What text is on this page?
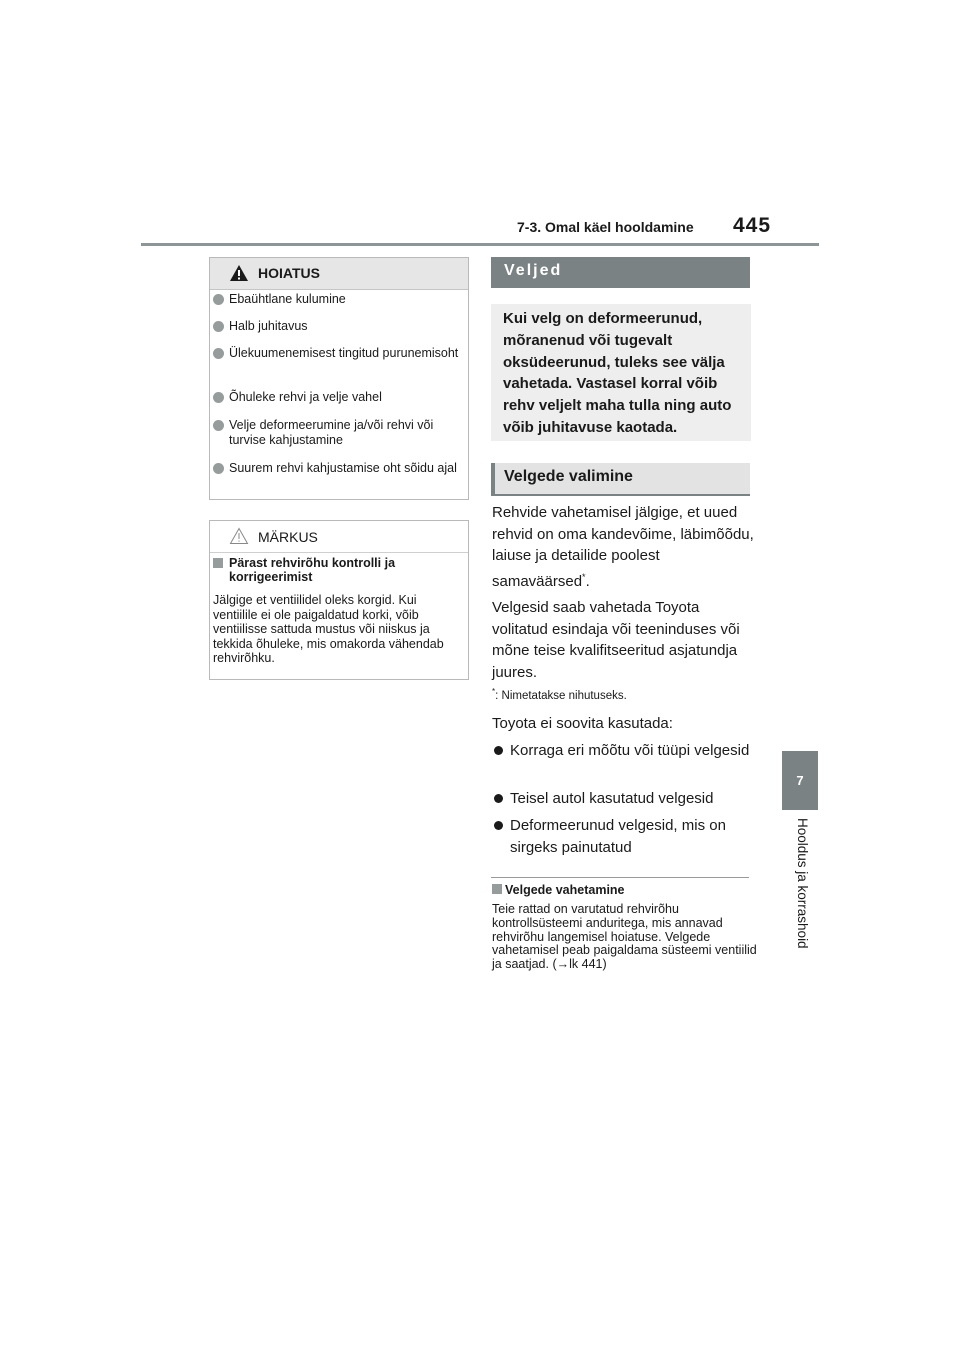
7-3. Omal käel hooldamine 445
7
Hooldus ja korrashoid
HOIATUS
Ebaühtlane kulumine
Halb juhitavus
Ülekuumenemisest tingitud purunemisoht
Õhuleke rehvi ja velje vahel
Velje deformeerumine ja/või rehvi või turvise kahjustamine
Suurem rehvi kahjustamise oht sõidu ajal
MÄRKUS
Pärast rehvirõhu kontrolli ja korrigeerimist
Jälgige et ventiilidel oleks korgid. Kui ventiilile ei ole paigaldatud korki, võib ventiilisse sattuda mustus või niiskus ja tekkida õhuleke, mis omakorda vähendab rehvirõhku.
Veljed

Kui velg on deformeerunud, mõranenud või tugevalt oksüdeerunud, tuleks see välja vahetada. Vastasel korral võib rehv veljelt maha tulla ning auto võib juhitavuse kaotada.

Velgede valimine
Rehvide vahetamisel jälgige, et uued rehvid on oma kandevõime, läbimõõdu, laiuse ja detailide poolest samaväärsed*.
Velgesid saab vahetada Toyota volitatud esindaja või teeninduses või mõne teise kvalifitseeritud asjatundja juures.
*: Nimetatakse nihutuseks.
Toyota ei soovita kasutada:
Korraga eri mõõtu või tüüpi velgesid
Teisel autol kasutatud velgesid
Deformeerunud velgesid, mis on sirgeks painutatud
Velgede vahetamine
Teie rattad on varutatud rehvirõhu kontrollsüsteemi anduritega, mis annavad rehvirõhu langemisel hoiatuse. Velgede vahetamisel peab paigaldama süsteemi ventiilid ja saatjad. (→lk 441)
